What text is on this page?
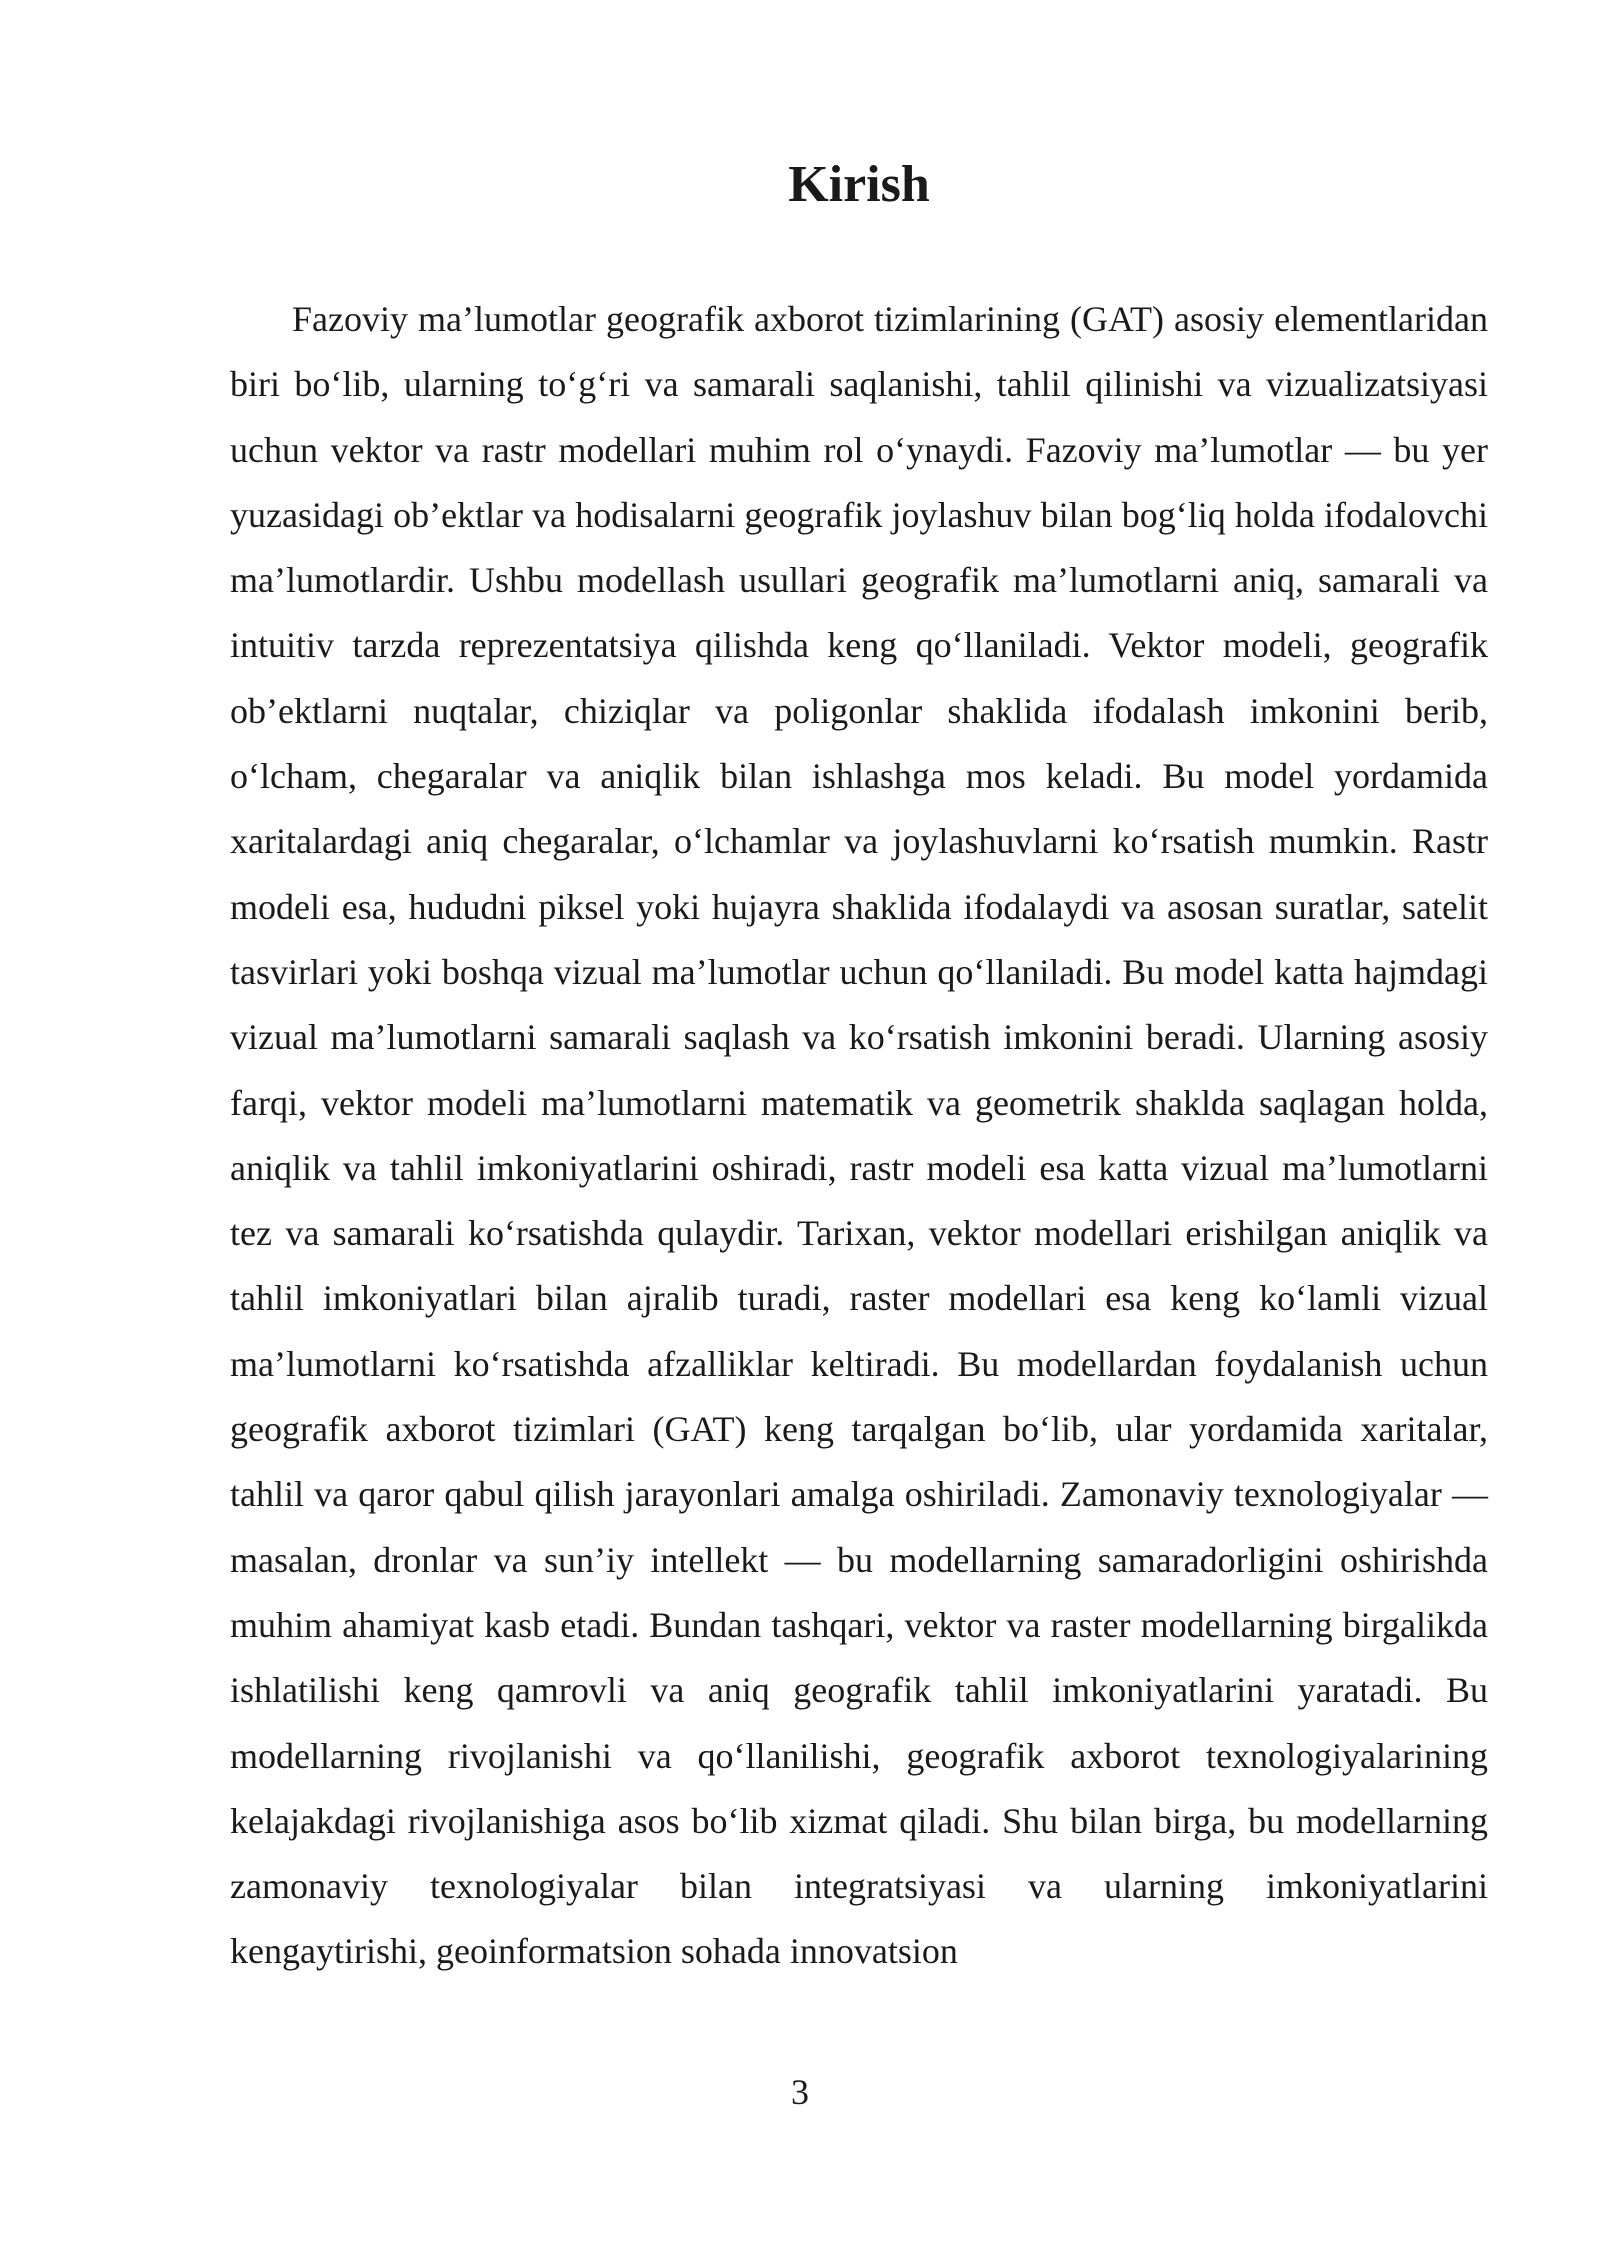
Kirish

Fazoviy ma’lumotlar geografik axborot tizimlarining (GAT) asosiy elementlaridan biri bo‘lib, ularning to‘g‘ri va samarali saqlanishi, tahlil qilinishi va vizualizatsiyasi uchun vektor va rastr modellari muhim rol o‘ynaydi. Fazoviy ma’lumotlar — bu yer yuzasidagi ob’ektlar va hodisalarni geografik joylashuv bilan bog‘liq holda ifodalovchi ma’lumotlardir. Ushbu modellash usullari geografik ma’lumotlarni aniq, samarali va intuitiv tarzda reprezentatsiya qilishda keng qo‘llaniladi. Vektor modeli, geografik ob’ektlarni nuqtalar, chiziqlar va poligonlar shaklida ifodalash imkonini berib, o‘lcham, chegaralar va aniqlik bilan ishlashga mos keladi. Bu model yordamida xaritalardagi aniq chegaralar, o‘lchamlar va joylashuvlarni ko‘rsatish mumkin. Rastr modeli esa, hududni piksel yoki hujayra shaklida ifodalaydi va asosan suratlar, satelit tasvirlari yoki boshqa vizual ma’lumotlar uchun qo‘llaniladi. Bu model katta hajmdagi vizual ma’lumotlarni samarali saqlash va ko‘rsatish imkonini beradi. Ularning asosiy farqi, vektor modeli ma’lumotlarni matematik va geometrik shaklda saqlagan holda, aniqlik va tahlil imkoniyatlarini oshiradi, rastr modeli esa katta vizual ma’lumotlarni tez va samarali ko‘rsatishda qulaydir. Tarixan, vektor modellari erishilgan aniqlik va tahlil imkoniyatlari bilan ajralib turadi, raster modellari esa keng ko‘lamli vizual ma’lumotlarni ko‘rsatishda afzalliklar keltiradi. Bu modellardan foydalanish uchun geografik axborot tizimlari (GAT) keng tarqalgan bo‘lib, ular yordamida xaritalar, tahlil va qaror qabul qilish jarayonlari amalga oshiriladi. Zamonaviy texnologiyalar — masalan, dronlar va sun’iy intellekt — bu modellarning samaradorligini oshirishda muhim ahamiyat kasb etadi. Bundan tashqari, vektor va raster modellarning birgalikda ishlatilishi keng qamrovli va aniq geografik tahlil imkoniyatlarini yaratadi. Bu modellarning rivojlanishi va qo‘llanilishi, geografik axborot texnologiyalarining kelajakdagi rivojlanishiga asos bo‘lib xizmat qiladi. Shu bilan birga, bu modellarning zamonaviy texnologiyalar bilan integratsiyasi va ularning imkoniyatlarini kengaytirishi, geoinformatsion sohada innovatsion

3
